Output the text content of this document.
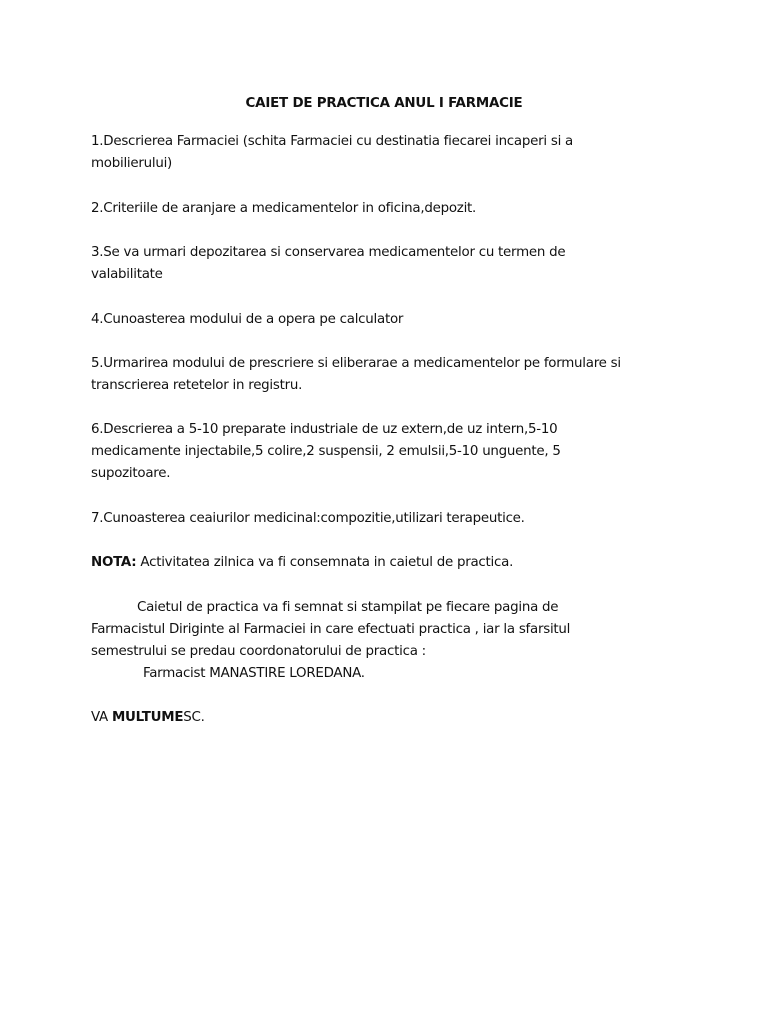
CAIET DE PRACTICA ANUL I FARMACIE
1.Descrierea Farmaciei (schita Farmaciei cu destinatia fiecarei incaperi si a
mobilierului)
2.Criteriile de aranjare a medicamentelor in oficina,depozit.
3.Se va urmari depozitarea si conservarea medicamentelor cu termen de
valabilitate
4.Cunoasterea modului de a opera pe calculator
5.Urmarirea modului de prescriere si eliberarae a medicamentelor pe formulare si
transcrierea retetelor in registru.
6.Descrierea a 5-10 preparate industriale de uz extern,de uz intern,5-10
medicamente injectabile,5 colire,2 suspensii, 2 emulsii,5-10 unguente, 5
supozitoare.
7.Cunoasterea ceaiurilor medicinal:compozitie,utilizari terapeutice.
NOTA: Activitatea zilnica va fi consemnata in caietul de practica.
Caietul de practica va fi semnat si stampilat pe fiecare pagina de
Farmacistul Diriginte al Farmaciei in care efectuati practica , iar la sfarsitul
semestrului se predau coordonatorului de practica :
Farmacist MANASTIRE LOREDANA.
VA MULTUMESC.
